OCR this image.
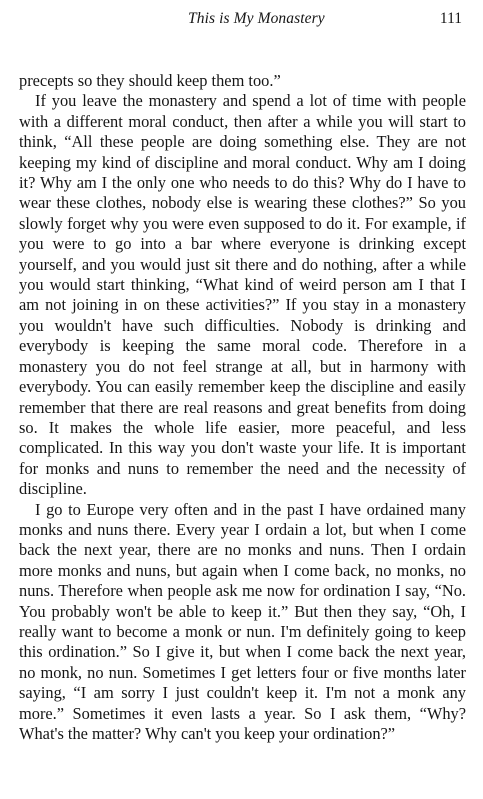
This is My Monastery	111

precepts so they should keep them too.”

If you leave the monastery and spend a lot of time with people with a different moral conduct, then after a while you will start to think, “All these people are doing something else. They are not keeping my kind of discipline and moral conduct. Why am I doing it? Why am I the only one who needs to do this? Why do I have to wear these clothes, nobody else is wearing these clothes?” So you slowly forget why you were even supposed to do it. For example, if you were to go into a bar where everyone is drinking except yourself, and you would just sit there and do nothing, after a while you would start thinking, “What kind of weird person am I that I am not joining in on these activities?” If you stay in a monastery you wouldn't have such difficulties. Nobody is drinking and everybody is keeping the same moral code. Therefore in a monastery you do not feel strange at all, but in harmony with everybody. You can easily remember keep the discipline and easily remember that there are real reasons and great benefits from doing so. It makes the whole life easier, more peaceful, and less complicated. In this way you don't waste your life. It is important for monks and nuns to remember the need and the necessity of discipline.

I go to Europe very often and in the past I have ordained many monks and nuns there. Every year I ordain a lot, but when I come back the next year, there are no monks and nuns. Then I ordain more monks and nuns, but again when I come back, no monks, no nuns. Therefore when people ask me now for ordination I say, “No. You probably won't be able to keep it.” But then they say, “Oh, I really want to become a monk or nun. I'm definitely going to keep this ordination.” So I give it, but when I come back the next year, no monk, no nun. Sometimes I get letters four or five months later saying, “I am sorry I just couldn't keep it. I'm not a monk any more.” Sometimes it even lasts a year. So I ask them, “Why? What's the matter? Why can't you keep your ordination?”
